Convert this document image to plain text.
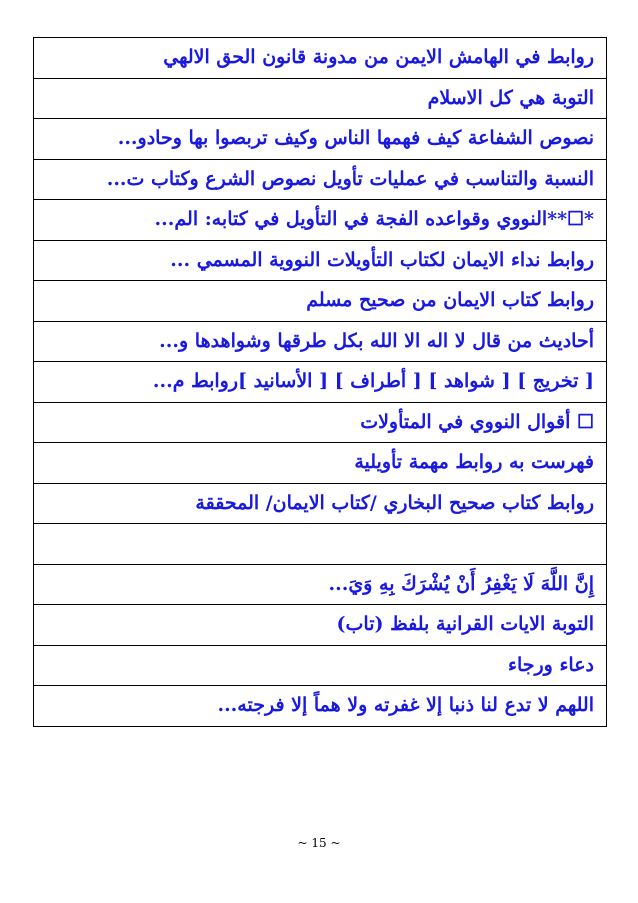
روابط في الهامش الايمن من مدونة قانون الحق الالهي
التوبة هي كل الاسلام
نصوص الشفاعة كيف فهمها الناس وكيف تربصوا بها وحادو...
النسبة والتناسب في عمليات تأويل نصوص الشرع وكتاب ت...
*☐**النووي وقواعده الفجة في التأويل في كتابه: الم...
روابط نداء الايمان لكتاب التأويلات النووية المسمي ...
روابط كتاب الايمان من صحيح مسلم
أحاديث من قال لا اله الا الله بكل طرقها وشواهدها و...
[ تخريج ] [ شواهد ] [ أطراف ] [ الأسانيد ]روابط م...
☐ أقوال النووي في المتأولات
فهرست به روابط مهمة تأويلية
روابط كتاب صحيح البخاري /كتاب الايمان/ المحققة

إِنَّ اللَّهَ لَا يَغْفِرُ أَنْ يُشْرَكَ بِهِ وَيَ...
التوبة الايات القرانية بلفظ (تاب)
دعاء ورجاء
اللهم لا تدع لنا ذنبا إلا غفرته ولا هماً إلا فرجته...
~ 15 ~
